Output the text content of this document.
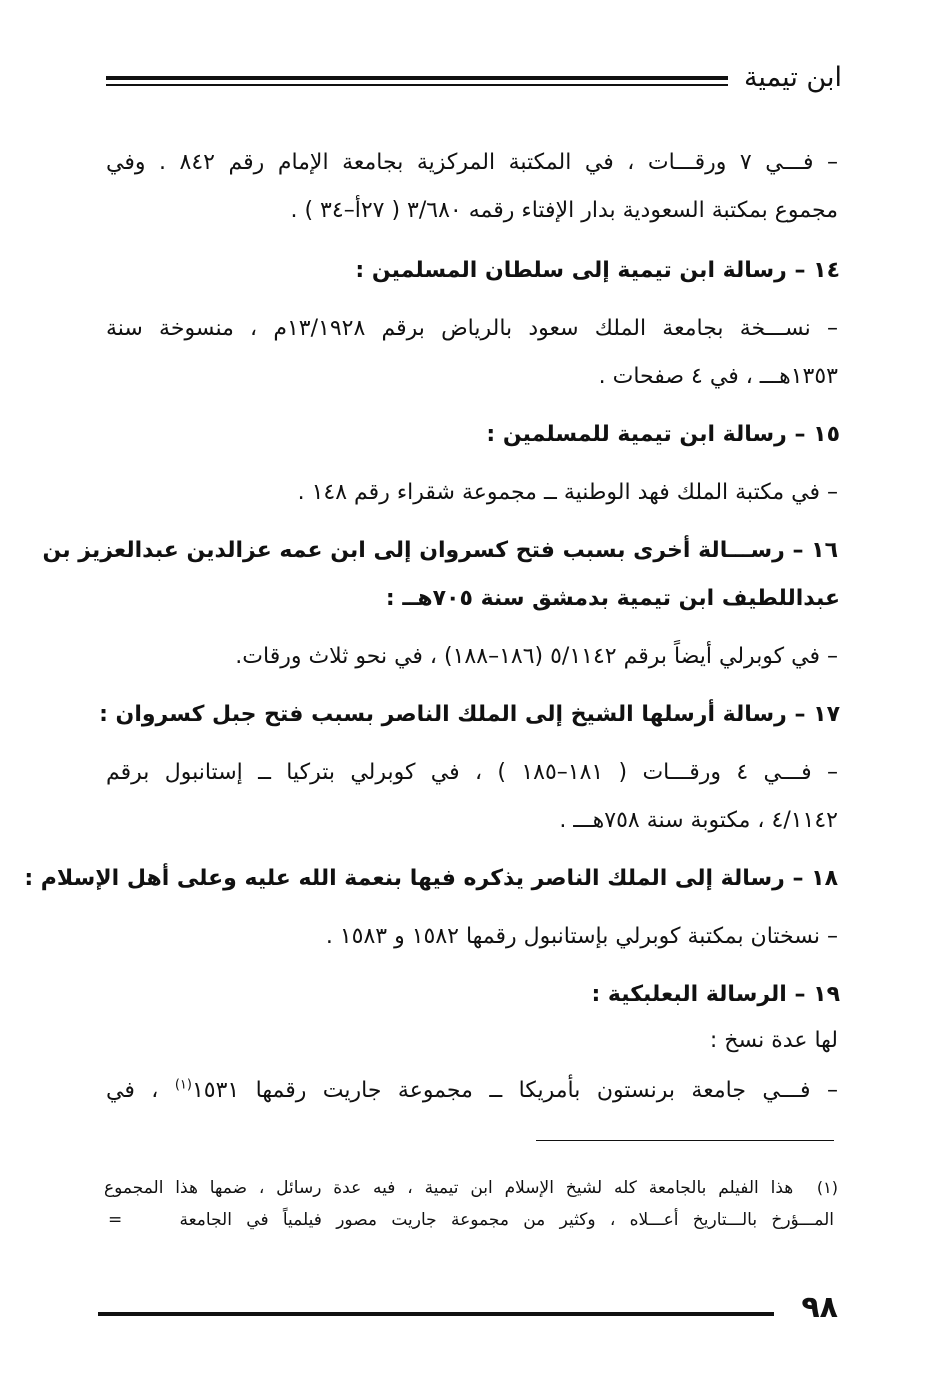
ابن تيمية
– فـــي ٧ ورقـــات ، في المكتبة المركزية بجامعة الإمام رقم ٨٤٢ . وفي
مجموع بمكتبة السعودية بدار الإفتاء رقمه ٣/٦٨٠ ( ٢٧أ–٣٤ ) .
١٤ – رسالة ابن تيمية إلى سلطان المسلمين :
– نســـخة بجامعة الملك سعود بالرياض برقم ١٣/١٩٢٨م ، منسوخة سنة
١٣٥٣هـــ ، في ٤ صفحات .
١٥ – رسالة ابن تيمية للمسلمين :
– في مكتبة الملك فهد الوطنية ــ مجموعة شقراء رقم ١٤٨ .
١٦ – رســـالة أخرى بسبب فتح كسروان إلى ابن عمه عزالدين عبدالعزيز بن
عبداللطيف ابن تيمية بدمشق سنة ٧٠٥هــ :
– في كوبرلي أيضاً برقم ٥/١١٤٢ (١٨٦–١٨٨) ، في نحو ثلاث ورقات.
١٧ – رسالة أرسلها الشيخ إلى الملك الناصر بسبب فتح جبل كسروان :
– فـــي ٤ ورقـــات ( ١٨١–١٨٥ ) ، في كوبرلي بتركيا ــ إستانبول برقم
٤/١١٤٢ ، مكتوبة سنة ٧٥٨هـــ .
١٨ – رسالة إلى الملك الناصر يذكره فيها بنعمة الله عليه وعلى أهل الإسلام :
– نسختان بمكتبة كوبرلي بإستانبول رقمها ١٥٨٢ و ١٥٨٣ .
١٩ – الرسالة البعلبكية :
لها عدة نسخ :
– فـــي جامعة برنستون بأمريكا ــ مجموعة جاريت رقمها ١٥٣١$^{(١)}$ ، في
(١)  هذا الفيلم بالجامعة كله لشيخ الإسلام ابن تيمية ، فيه عدة رسائل ، ضمها هذا المجموع
المـــؤرخ بالـــتاريخ أعـــلاه ، وكثير من مجموعة جاريت مصور فيلمياً في الجامعة    =
٩٨
